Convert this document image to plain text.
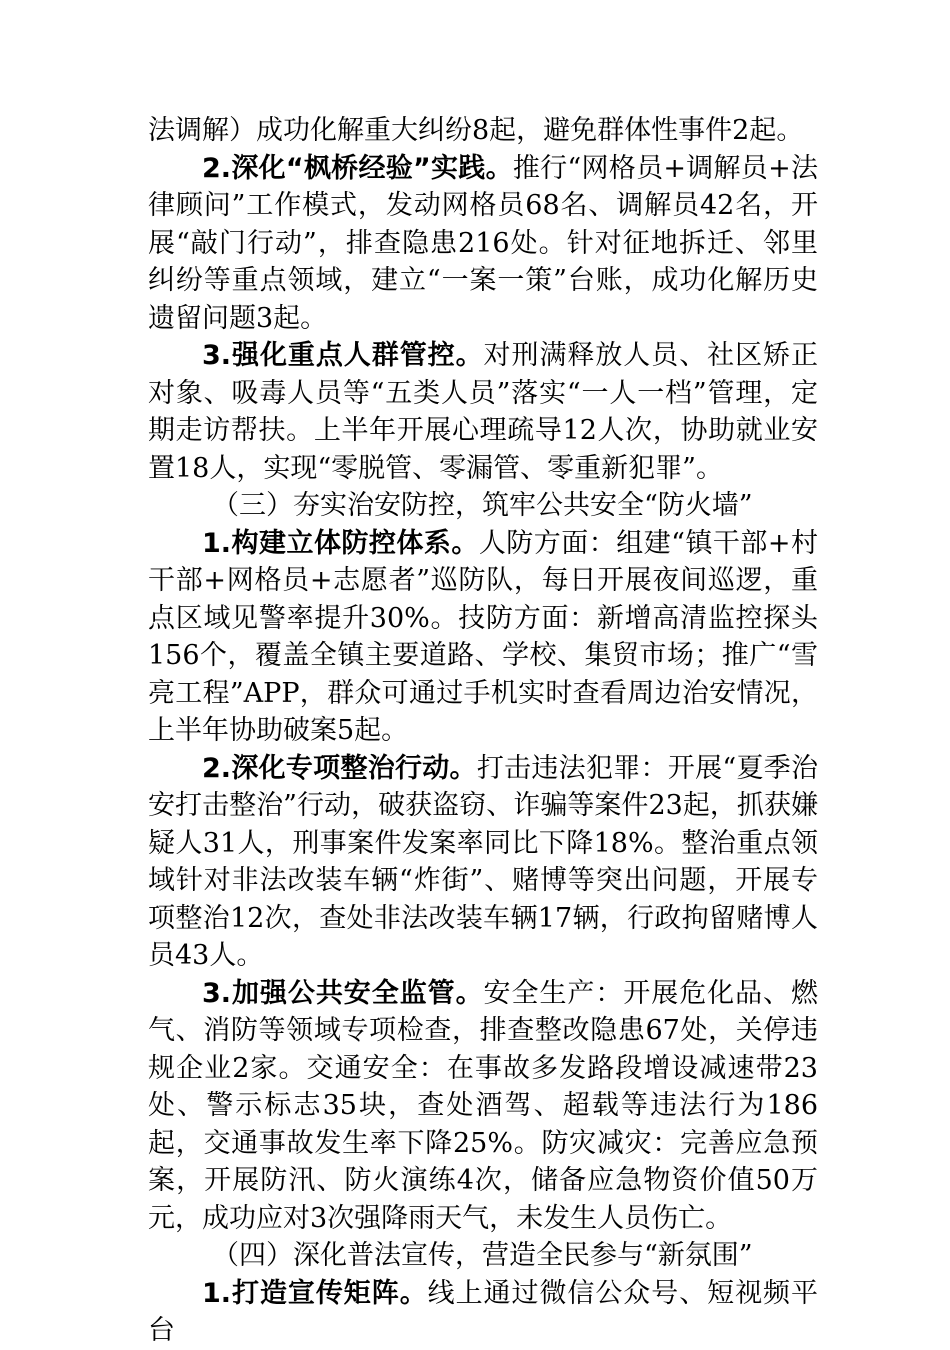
法调解）成功化解重大纠纷8起，避免群体性事件2起。

2.深化“枫桥经验”实践。推行“网格员+调解员+法律顾问”工作模式，发动网格员68名、调解员42名，开展“敲门行动”，排查隐患216处。针对征地拆迁、邻里纠纷等重点领域，建立“一案一策”台账，成功化解历史遗留问题3起。

3.强化重点人群管控。对刑满释放人员、社区矫正对象、吸毒人员等“五类人员”落实“一人一档”管理，定期走访帮扶。上半年开展心理疏导12人次，协助就业安置18人，实现“零脱管、零漏管、零重新犯罪”。

（三）夯实治安防控，筑牢公共安全“防火墙”

1.构建立体防控体系。人防方面：组建“镇干部+村干部+网格员+志愿者”巡防队，每日开展夜间巡逻，重点区域见警率提升30%。技防方面：新增高清监控探头156个，覆盖全镇主要道路、学校、集贸市场；推广“雪亮工程”APP，群众可通过手机实时查看周边治安情况，上半年协助破案5起。

2.深化专项整治行动。打击违法犯罪：开展“夏季治安打击整治”行动，破获盗窃、诈骗等案件23起，抓获嫌疑人31人，刑事案件发案率同比下降18%。整治重点领域针对非法改装车辆“炸街”、赌博等突出问题，开展专项整治12次，查处非法改装车辆17辆，行政拘留赌博人员43人。

3.加强公共安全监管。安全生产：开展危化品、燃气、消防等领域专项检查，排查整改隐患67处，关停违规企业2家。交通安全：在事故多发路段增设减速带23处、警示标志35块，查处酒驾、超载等违法行为186起，交通事故发生率下降25%。防灾减灾：完善应急预案，开展防汛、防火演练4次，储备应急物资价值50万元，成功应对3次强降雨天气，未发生人员伤亡。

（四）深化普法宣传，营造全民参与“新氛围”

1.打造宣传矩阵。线上通过微信公众号、短视频平台
